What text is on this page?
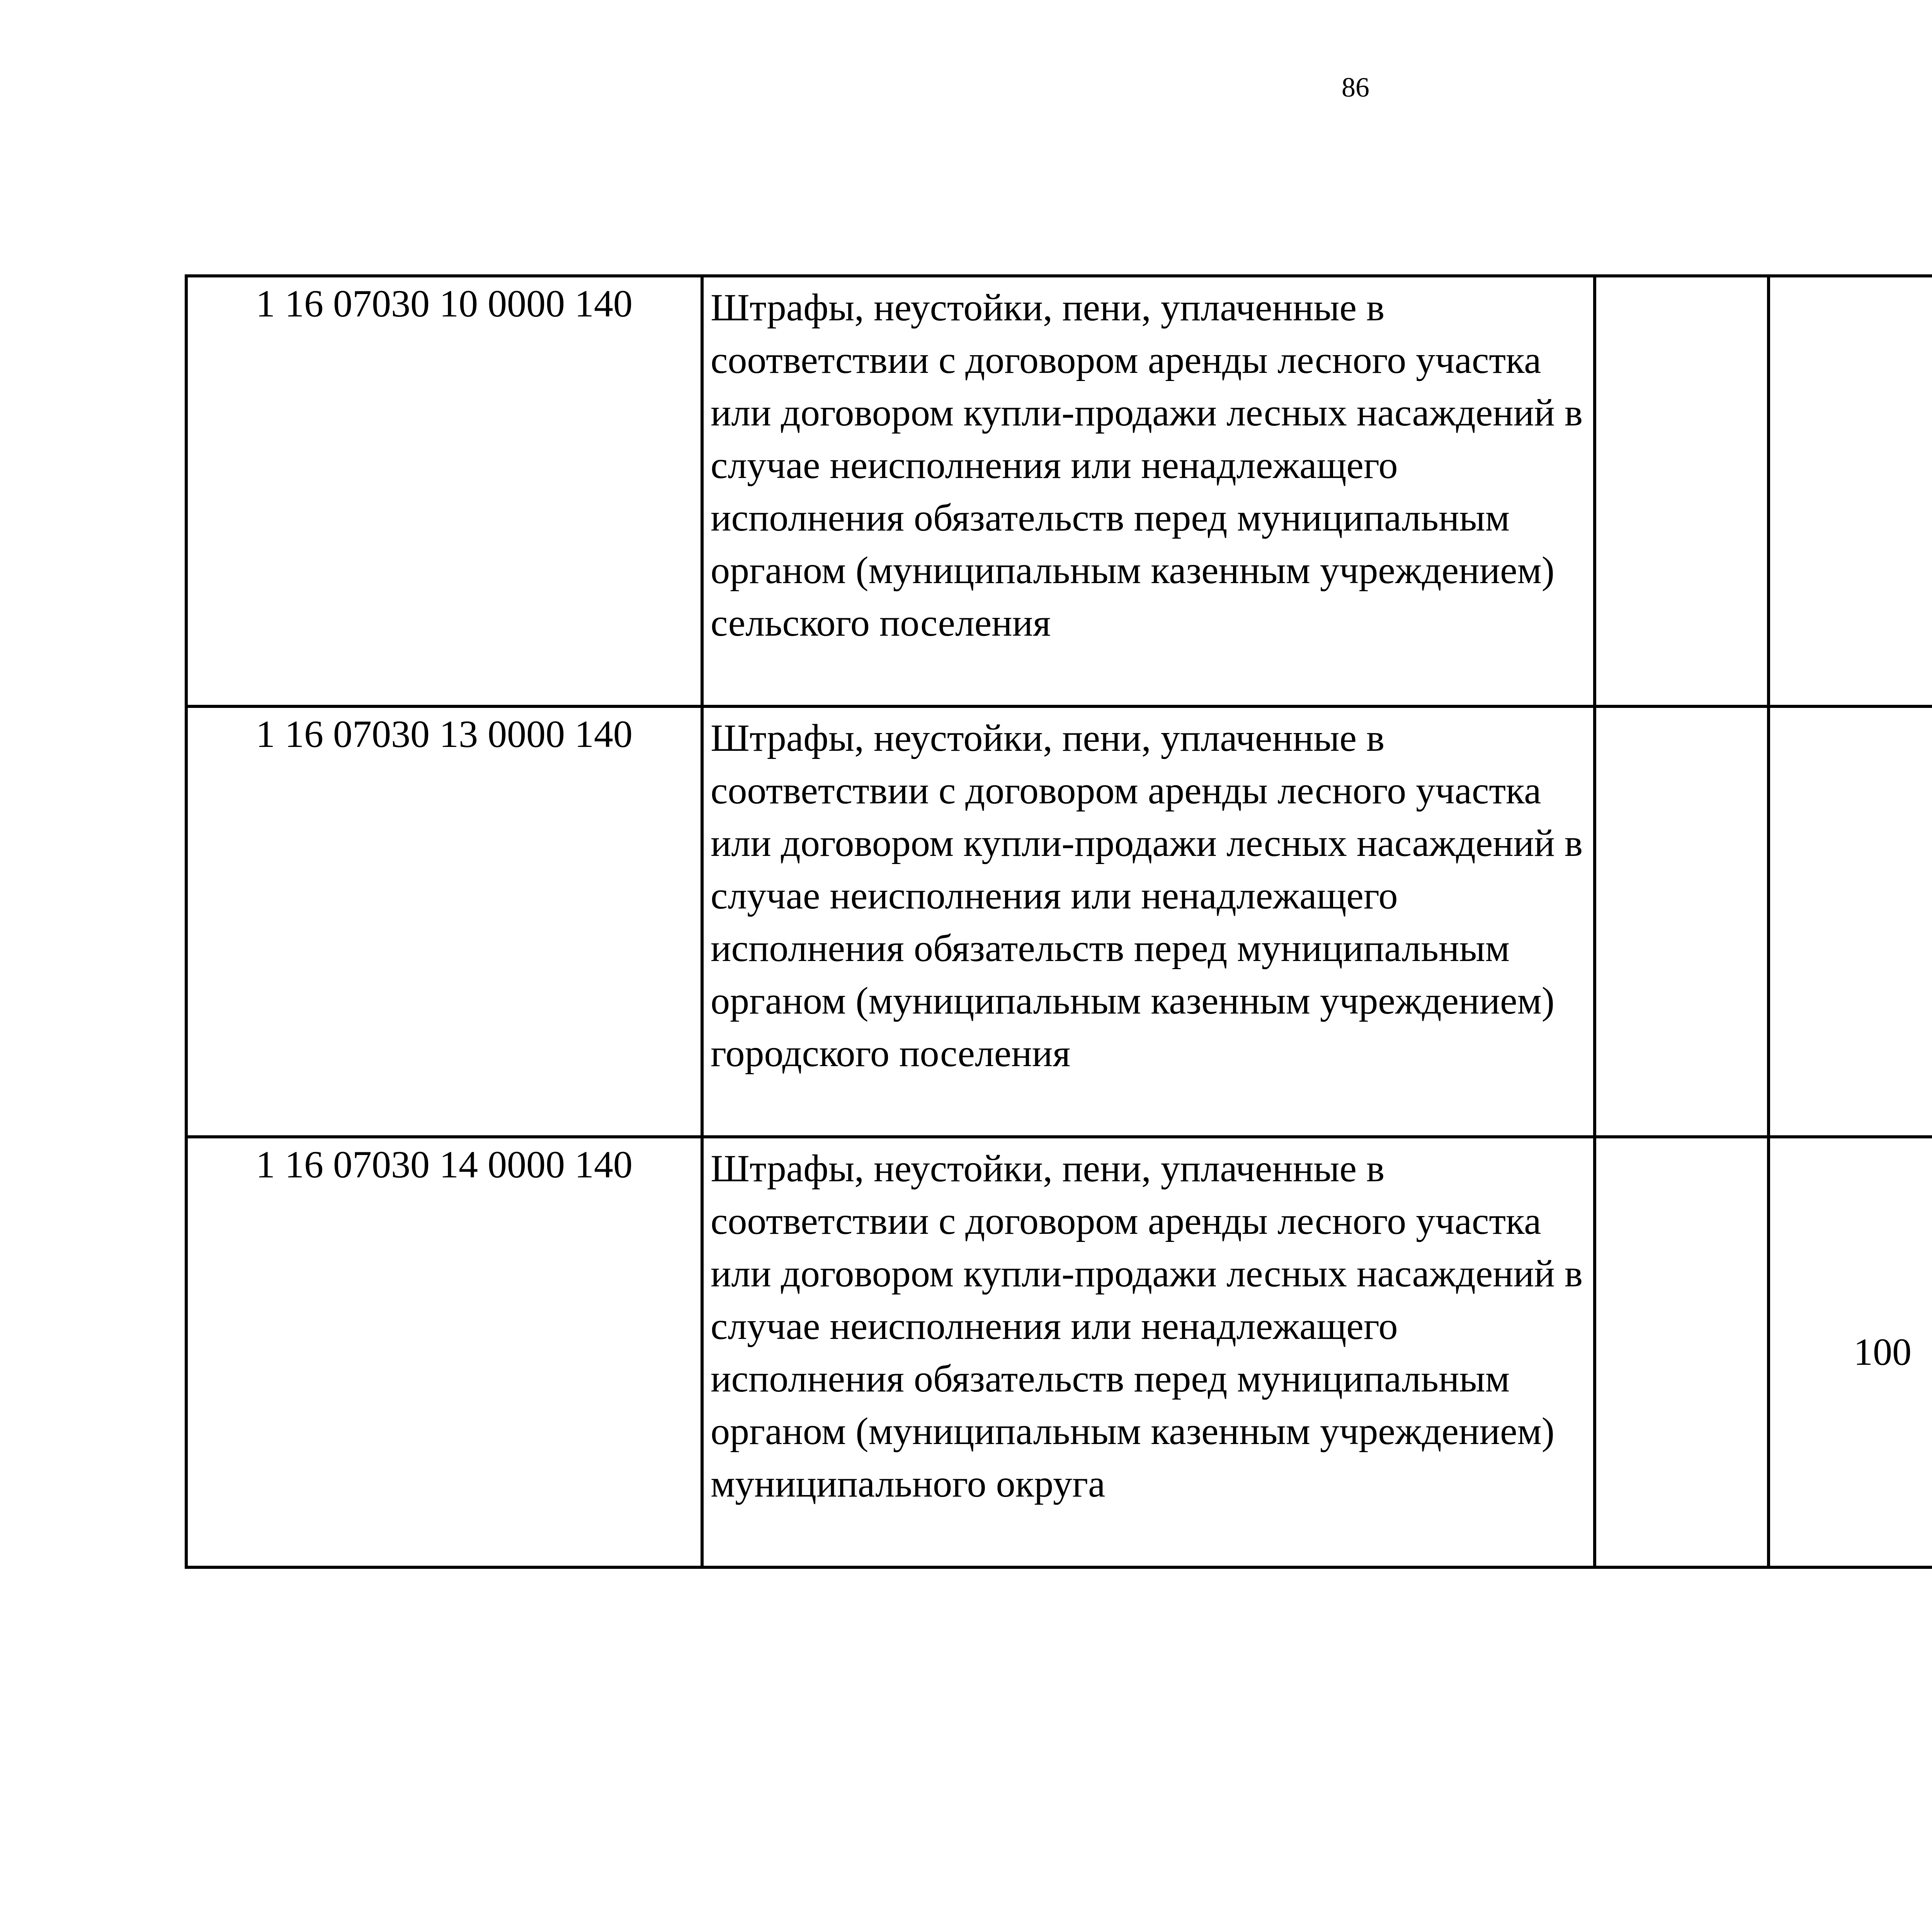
86
1 16 07030 10 0000 140	Штрафы, неустойки, пени, уплаченные в соответствии с договором аренды лесного участка или договором купли-продажи лесных насаждений в случае неисполнения или ненадлежащего исполнения обязательств перед муниципальным органом (муниципальным казенным учреждением) сельского поселения					
1 16 07030 13 0000 140	Штрафы, неустойки, пени, уплаченные в соответствии с договором аренды лесного участка или договором купли-продажи лесных насаждений в случае неисполнения или ненадлежащего исполнения обязательств перед муниципальным органом (муниципальным казенным учреждением) городского поселения					
1 16 07030 14 0000 140	Штрафы, неустойки, пени, уплаченные в соответствии с договором аренды лесного участка или договором купли-продажи лесных насаждений в случае неисполнения или ненадлежащего исполнения обязательств перед муниципальным органом (муниципальным казенным учреждением) муниципального округа		100			
